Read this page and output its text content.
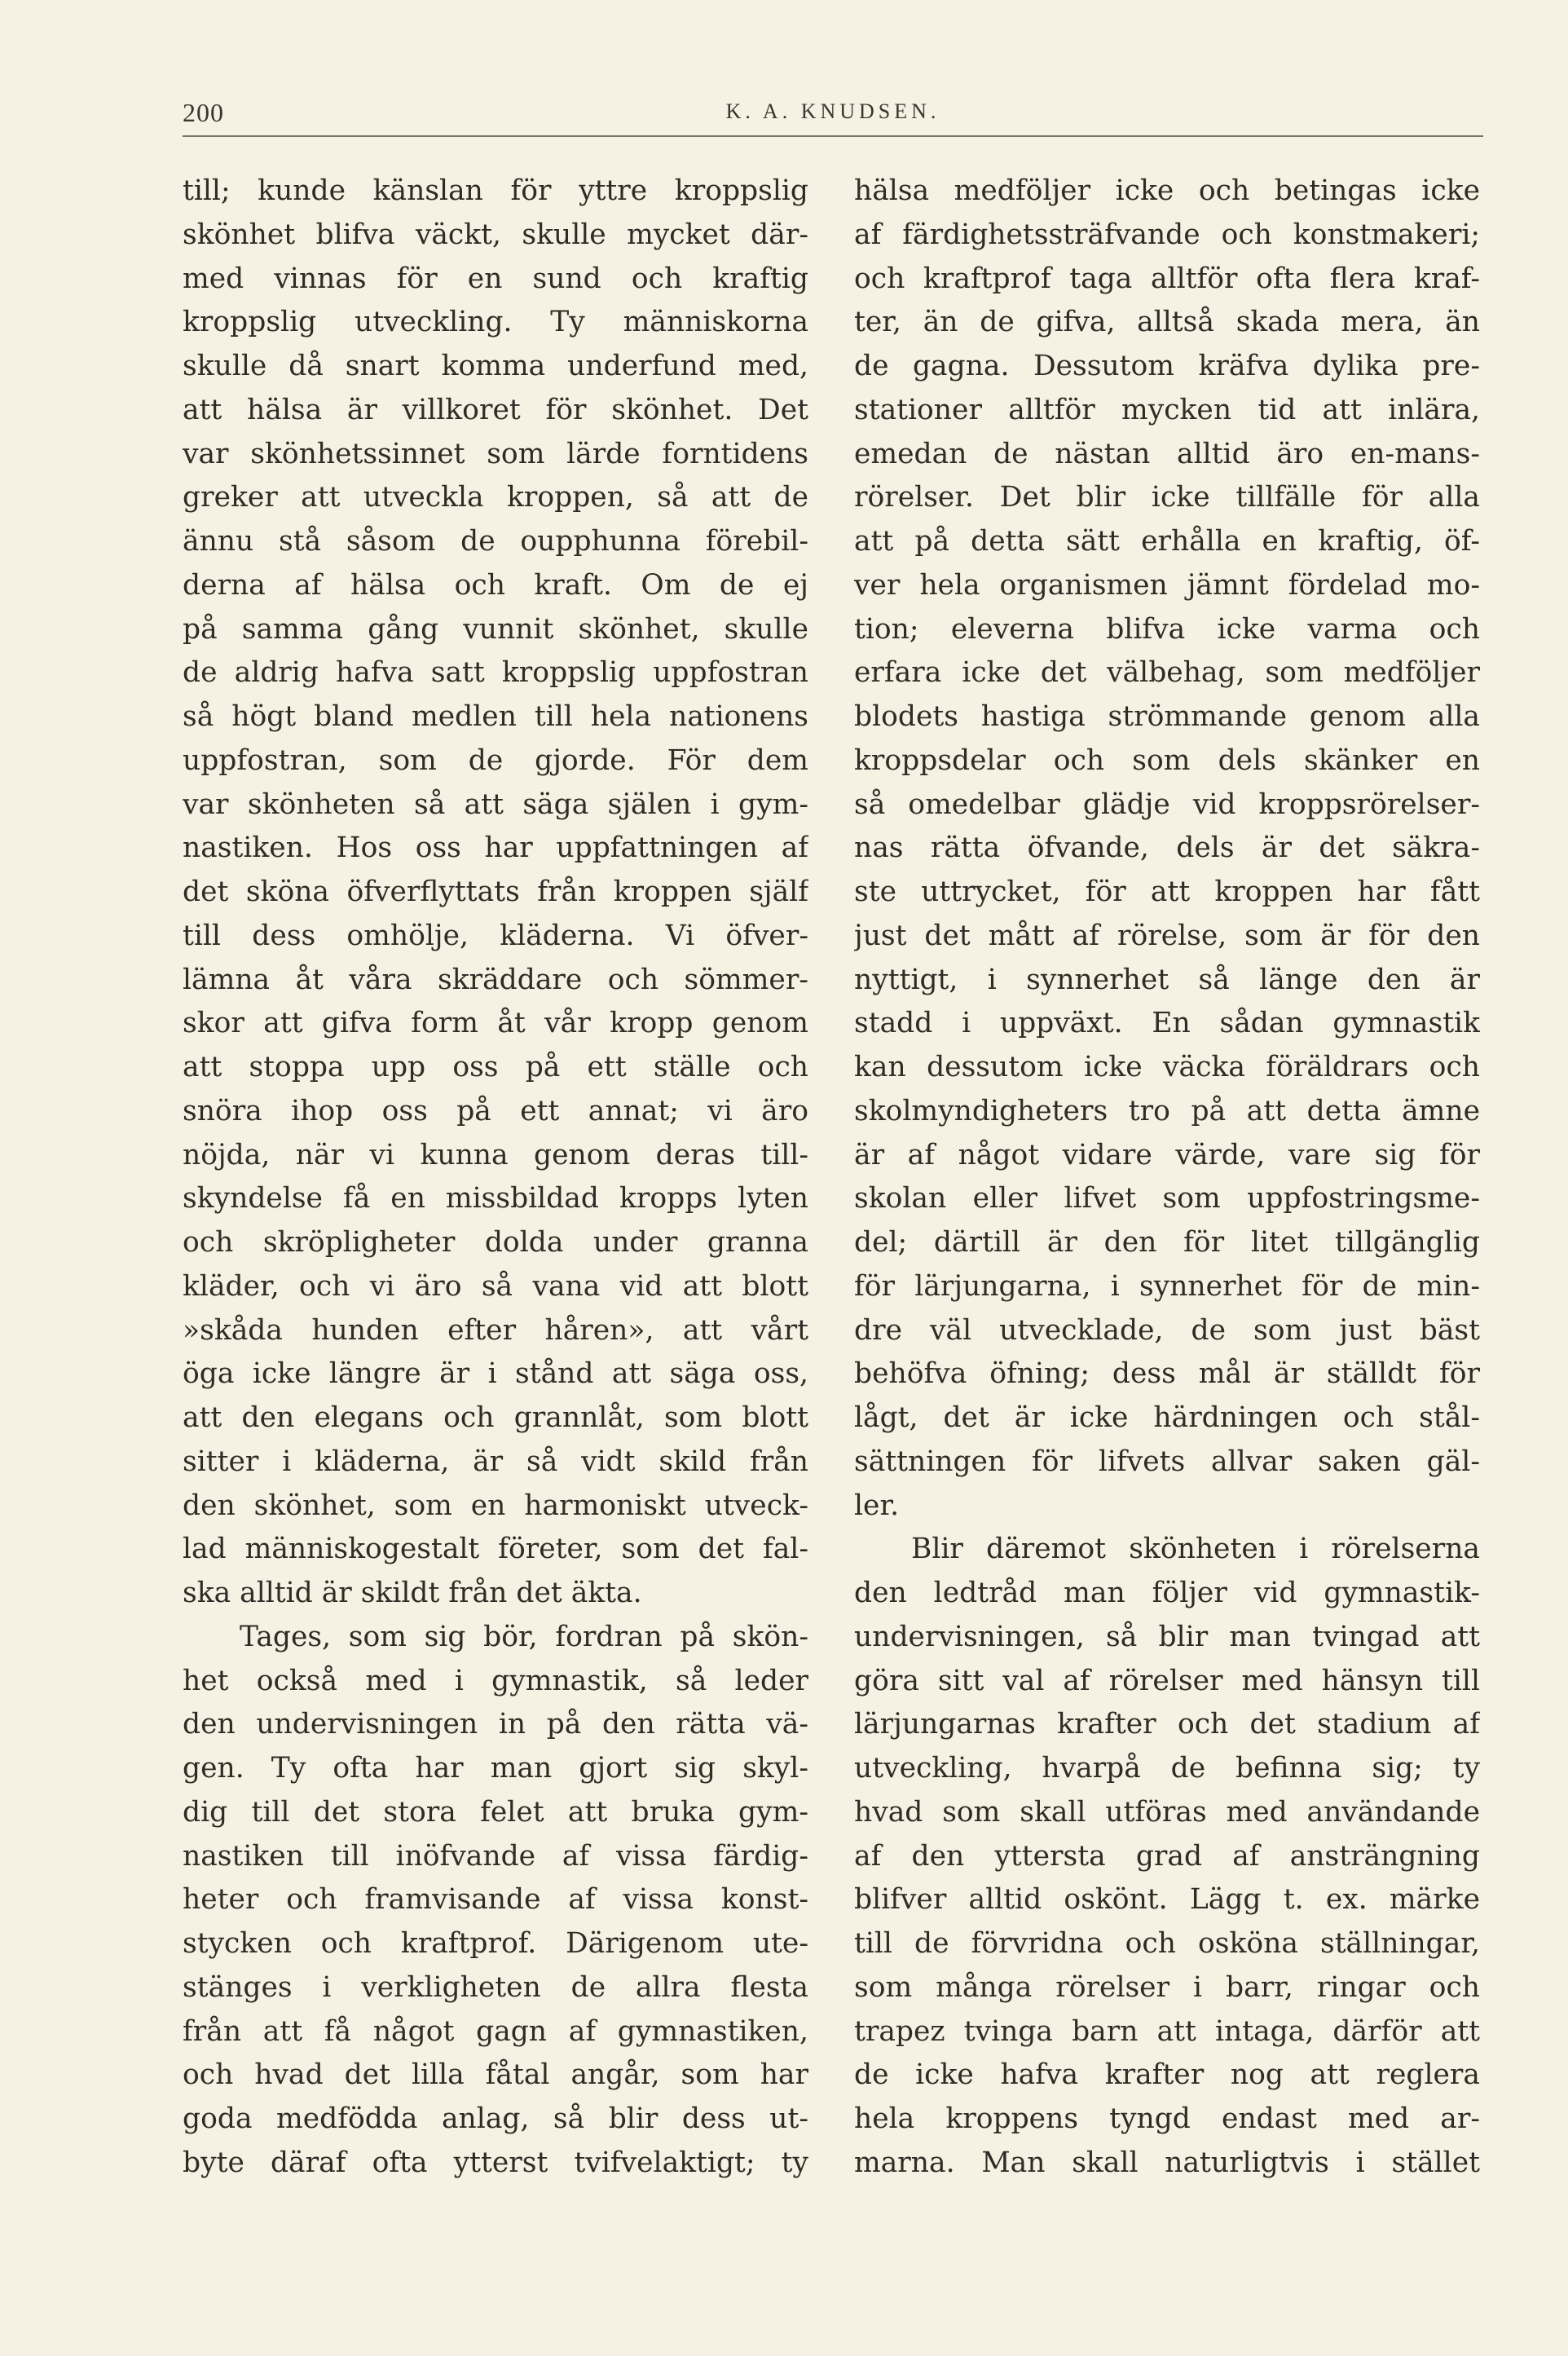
200	K. A. KNUDSEN.
till; kunde känslan för yttre kroppslig
skönhet blifva väckt, skulle mycket där-
med vinnas för en sund och kraftig
kroppslig utveckling. Ty människorna
skulle då snart komma underfund med,
att hälsa är villkoret för skönhet. Det
var skönhetssinnet som lärde forntidens
greker att utveckla kroppen, så att de
ännu stå såsom de oupphunna förebil-
derna af hälsa och kraft. Om de ej
på samma gång vunnit skönhet, skulle
de aldrig hafva satt kroppslig uppfostran
så högt bland medlen till hela nationens
uppfostran, som de gjorde. För dem
var skönheten så att säga själen i gym-
nastiken. Hos oss har uppfattningen af
det sköna öfverflyttats från kroppen själf
till dess omhölje, kläderna. Vi öfver-
lämna åt våra skräddare och sömmer-
skor att gifva form åt vår kropp genom
att stoppa upp oss på ett ställe och
snöra ihop oss på ett annat; vi äro
nöjda, när vi kunna genom deras till-
skyndelse få en missbildad kropps lyten
och skröpligheter dolda under granna
kläder, och vi äro så vana vid att blott
»skåda hunden efter håren», att vårt
öga icke längre är i stånd att säga oss,
att den elegans och grannlåt, som blott
sitter i kläderna, är så vidt skild från
den skönhet, som en harmoniskt utveck-
lad människogestalt företer, som det fal-
ska alltid är skildt från det äkta.
Tages, som sig bör, fordran på skön-
het också med i gymnastik, så leder
den undervisningen in på den rätta vä-
gen. Ty ofta har man gjort sig skyl-
dig till det stora felet att bruka gym-
nastiken till inöfvande af vissa färdig-
heter och framvisande af vissa konst-
stycken och kraftprof. Därigenom ute-
stänges i verkligheten de allra flesta
från att få något gagn af gymnastiken,
och hvad det lilla fåtal angår, som har
goda medfödda anlag, så blir dess ut-
byte däraf ofta ytterst tvifvelaktigt; ty
hälsa medföljer icke och betingas icke
af färdighetssträfvande och konstmakeri;
och kraftprof taga alltför ofta flera kraf-
ter, än de gifva, alltså skada mera, än
de gagna. Dessutom kräfva dylika pre-
stationer alltför mycken tid att inlära,
emedan de nästan alltid äro en-mans-
rörelser. Det blir icke tillfälle för alla
att på detta sätt erhålla en kraftig, öf-
ver hela organismen jämnt fördelad mo-
tion; eleverna blifva icke varma och
erfara icke det välbehag, som medföljer
blodets hastiga strömmande genom alla
kroppsdelar och som dels skänker en
så omedelbar glädje vid kroppsrörelser-
nas rätta öfvande, dels är det säkra-
ste uttrycket, för att kroppen har fått
just det mått af rörelse, som är för den
nyttigt, i synnerhet så länge den är
stadd i uppväxt. En sådan gymnastik
kan dessutom icke väcka föräldrars och
skolmyndigheters tro på att detta ämne
är af något vidare värde, vare sig för
skolan eller lifvet som uppfostringsme-
del; därtill är den för litet tillgänglig
för lärjungarna, i synnerhet för de min-
dre väl utvecklade, de som just bäst
behöfva öfning; dess mål är ställdt för
lågt, det är icke härdningen och stål-
sättningen för lifvets allvar saken gäl-
ler.
Blir däremot skönheten i rörelserna
den ledtråd man följer vid gymnastik-
undervisningen, så blir man tvingad att
göra sitt val af rörelser med hänsyn till
lärjungarnas krafter och det stadium af
utveckling, hvarpå de befinna sig; ty
hvad som skall utföras med användande
af den yttersta grad af ansträngning
blifver alltid oskönt. Lägg t. ex. märke
till de förvridna och osköna ställningar,
som många rörelser i barr, ringar och
trapez tvinga barn att intaga, därför att
de icke hafva krafter nog att reglera
hela kroppens tyngd endast med ar-
marna. Man skall naturligtvis i stället
